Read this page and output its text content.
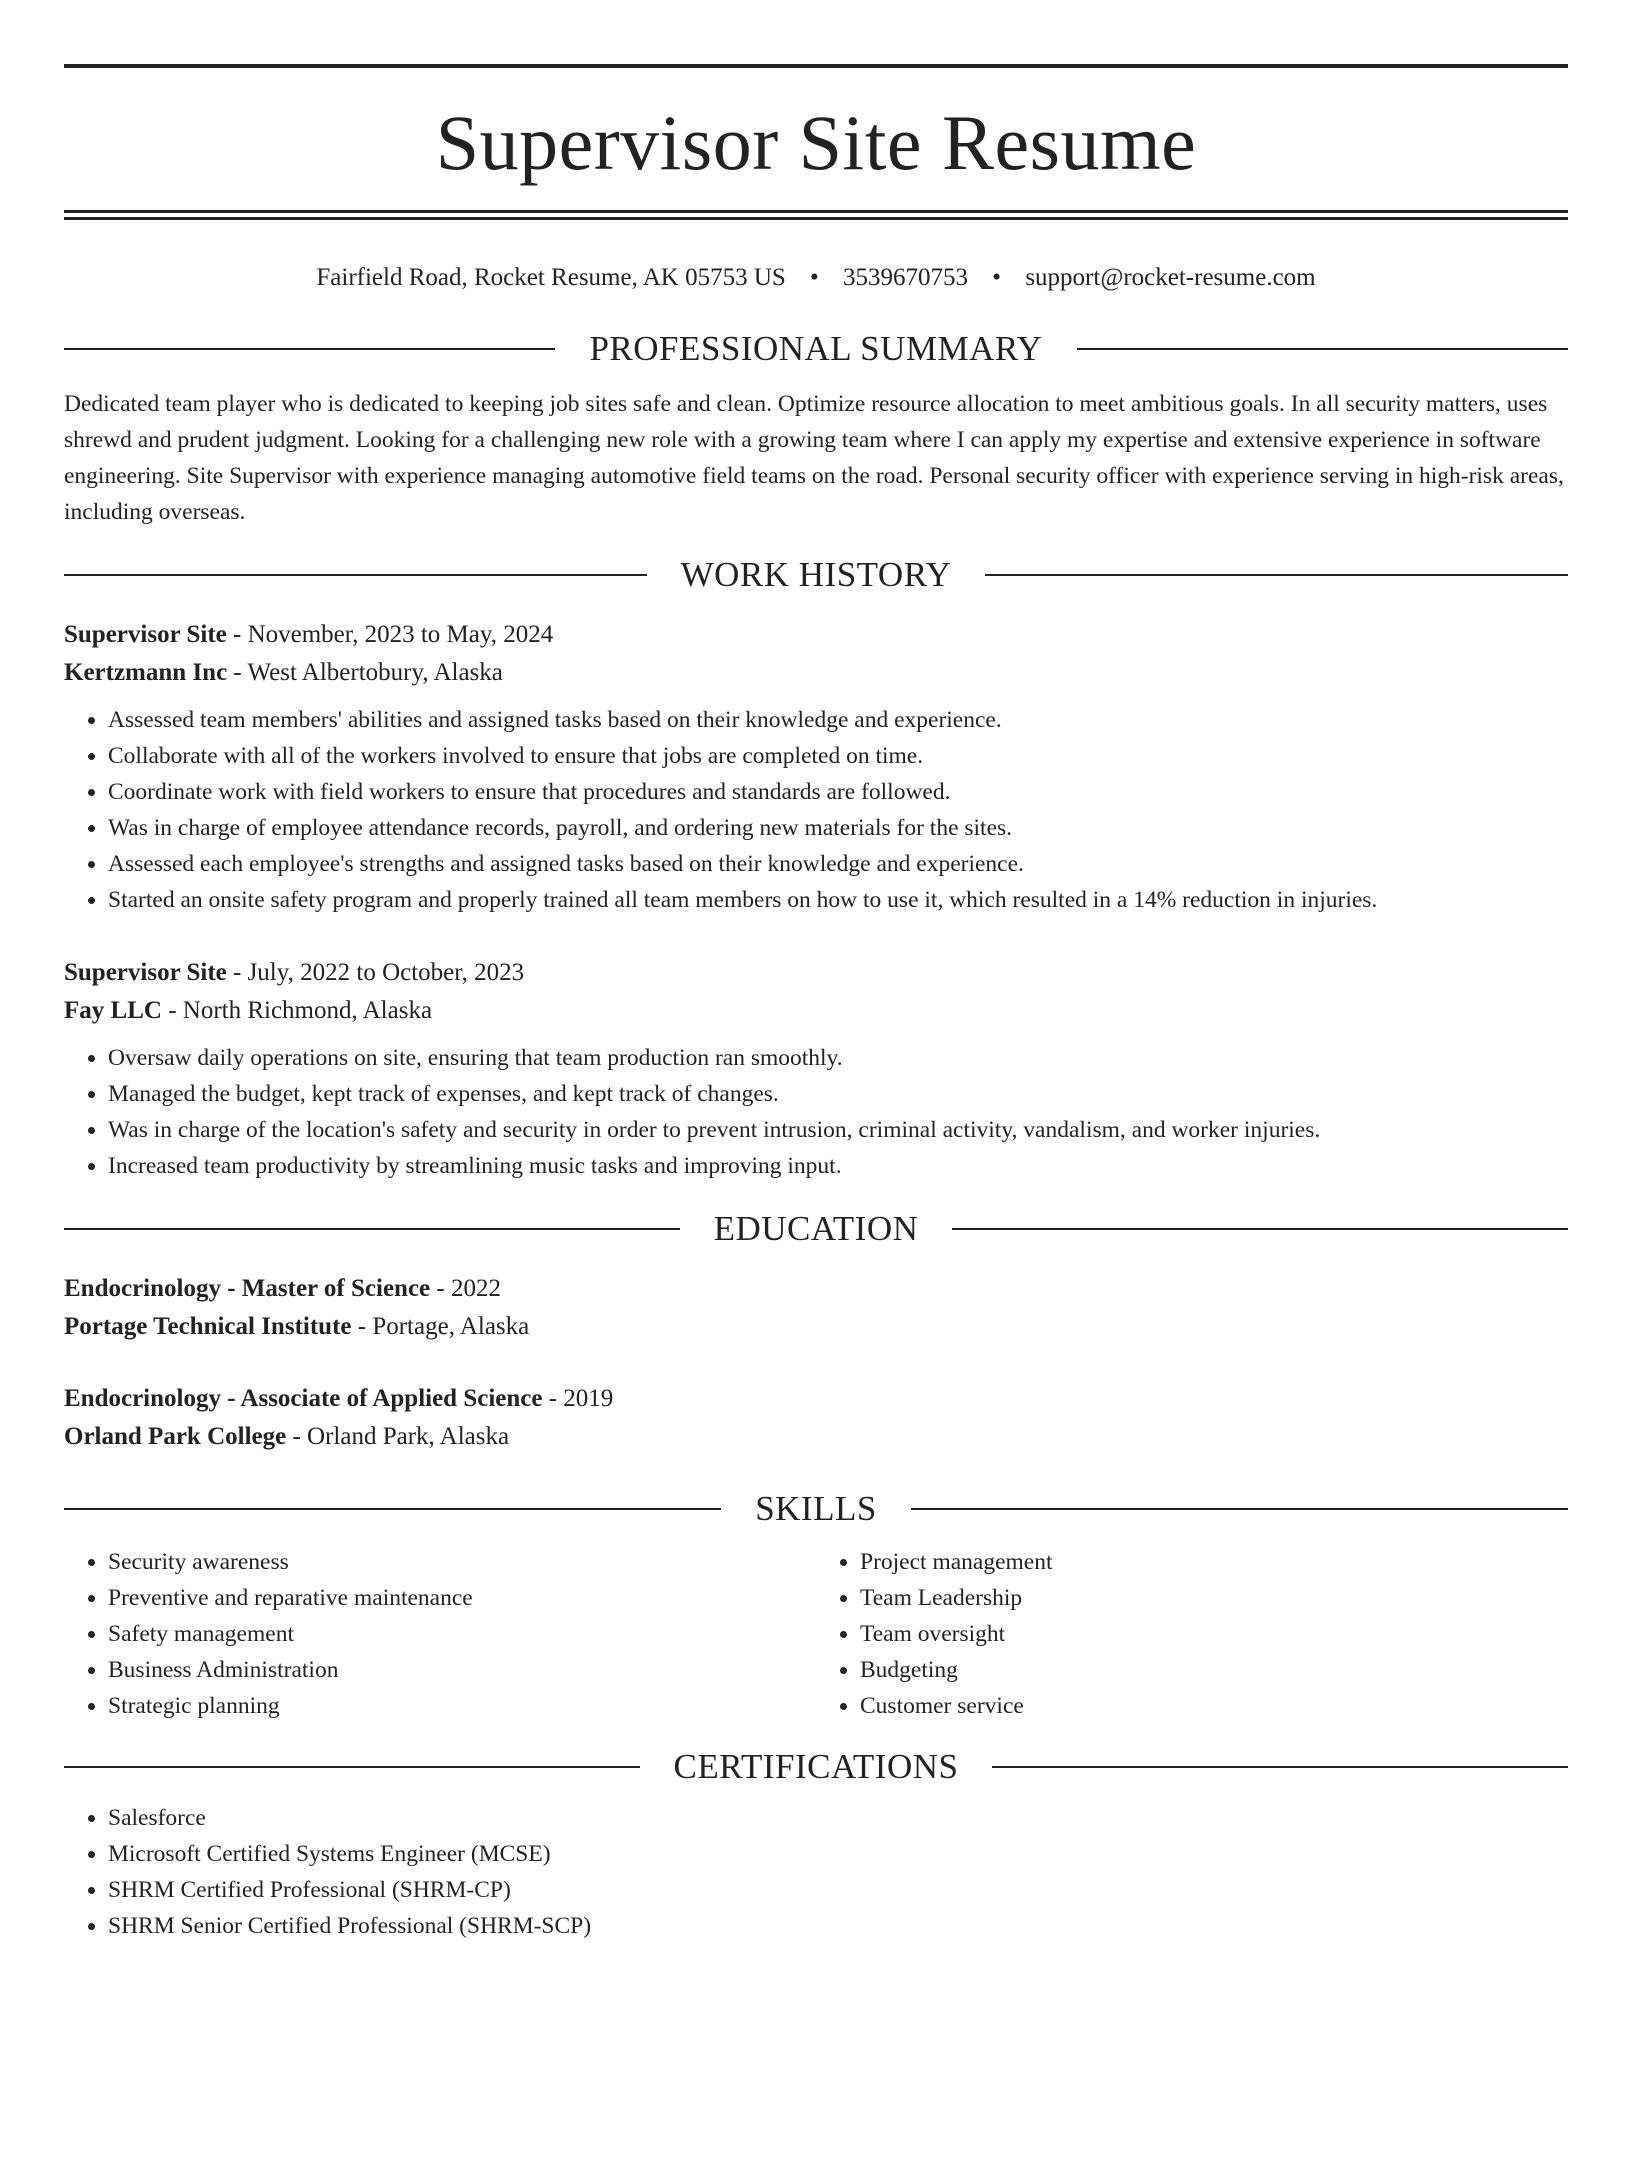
Supervisor Site Resume
Fairfield Road, Rocket Resume, AK 05753 US • 3539670753 • support@rocket-resume.com
PROFESSIONAL SUMMARY

Dedicated team player who is dedicated to keeping job sites safe and clean. Optimize resource allocation to meet ambitious goals. In all security matters, uses shrewd and prudent judgment. Looking for a challenging new role with a growing team where I can apply my expertise and extensive experience in software engineering. Site Supervisor with experience managing automotive field teams on the road. Personal security officer with experience serving in high-risk areas, including overseas.

WORK HISTORY
Supervisor Site - November, 2023 to May, 2024
Kertzmann Inc - West Albertobury, Alaska
• Assessed team members' abilities and assigned tasks based on their knowledge and experience.
• Collaborate with all of the workers involved to ensure that jobs are completed on time.
• Coordinate work with field workers to ensure that procedures and standards are followed.
• Was in charge of employee attendance records, payroll, and ordering new materials for the sites.
• Assessed each employee's strengths and assigned tasks based on their knowledge and experience.
• Started an onsite safety program and properly trained all team members on how to use it, which resulted in a 14% reduction in injuries.
Supervisor Site - July, 2022 to October, 2023
Fay LLC - North Richmond, Alaska
• Oversaw daily operations on site, ensuring that team production ran smoothly.
• Managed the budget, kept track of expenses, and kept track of changes.
• Was in charge of the location's safety and security in order to prevent intrusion, criminal activity, vandalism, and worker injuries.
• Increased team productivity by streamlining music tasks and improving input.
EDUCATION
Endocrinology - Master of Science - 2022
Portage Technical Institute - Portage, Alaska
Endocrinology - Associate of Applied Science - 2019
Orland Park College - Orland Park, Alaska
SKILLS
• Security awareness
• Preventive and reparative maintenance
• Safety management
• Business Administration
• Strategic planning
• Project management
• Team Leadership
• Team oversight
• Budgeting
• Customer service
CERTIFICATIONS
• Salesforce
• Microsoft Certified Systems Engineer (MCSE)
• SHRM Certified Professional (SHRM-CP)
• SHRM Senior Certified Professional (SHRM-SCP)
